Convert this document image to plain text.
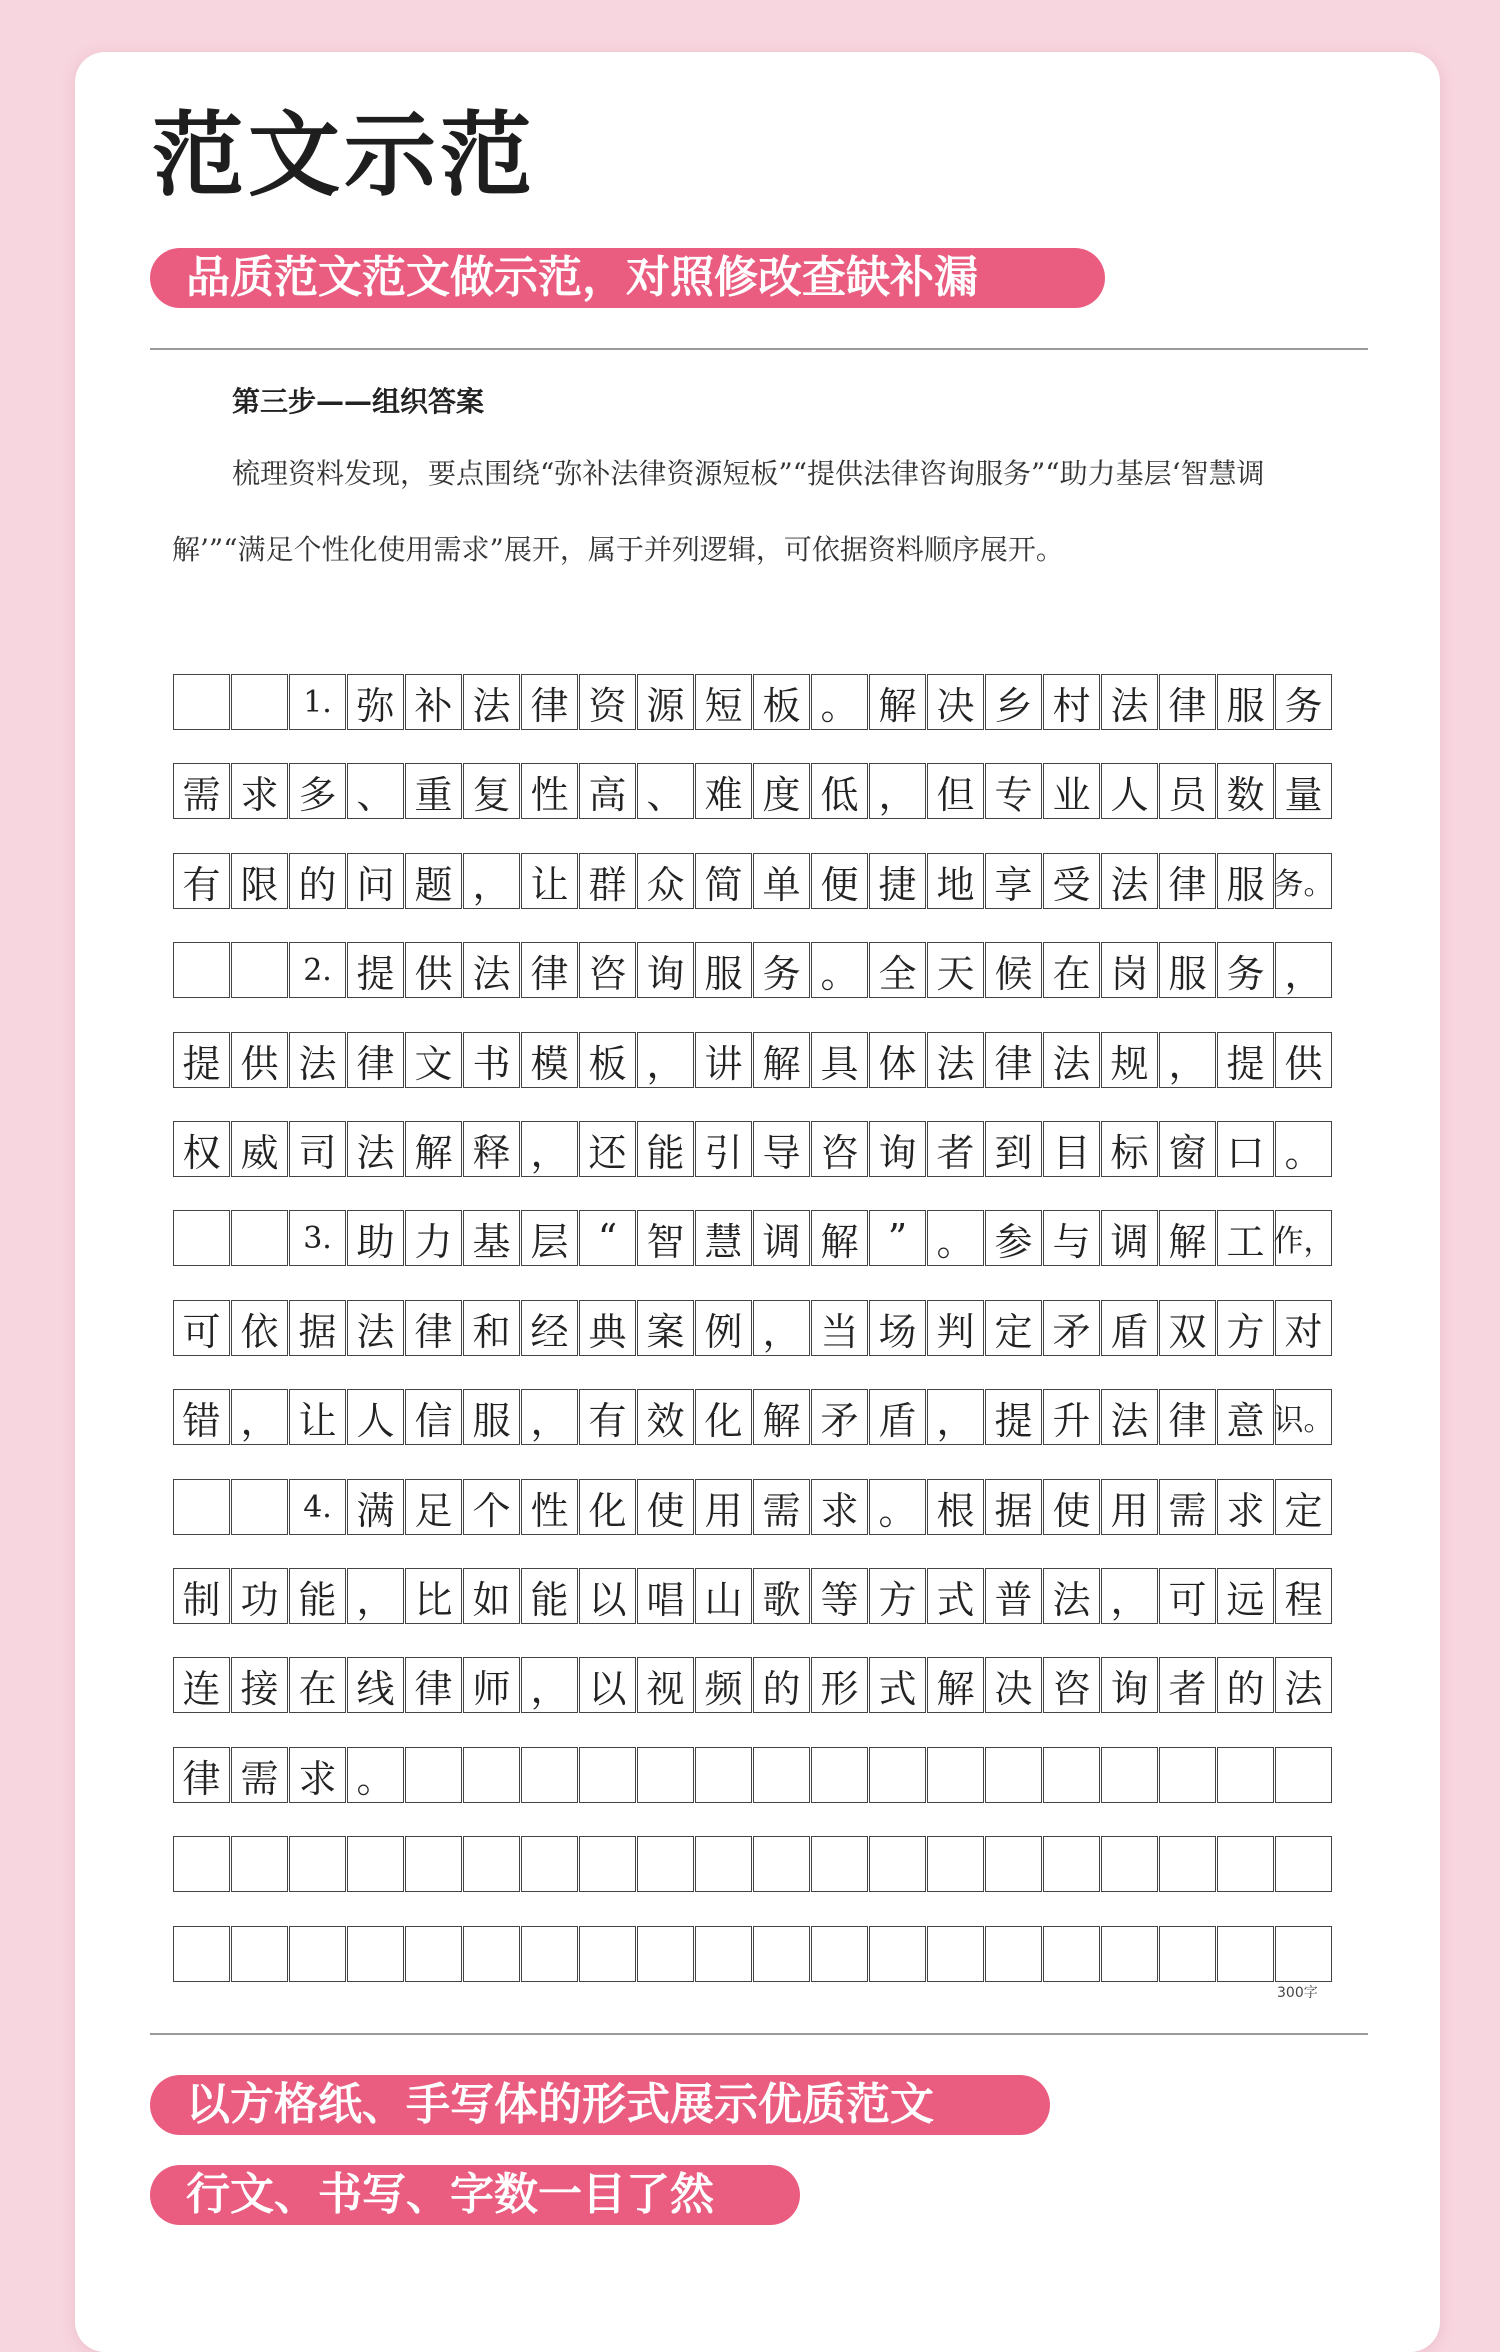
范文示范
品质范文范文做示范，对照修改查缺补漏
第三步——组织答案

梳理资料发现，要点围绕“弥补法律资源短板”“提供法律咨询服务”“助力基层‘智慧调解’”“满足个性化使用需求”展开，属于并列逻辑，可依据资料顺序展开。

1. 弥 补 法 律 资 源 短 板 。 解 决 乡 村 法 律 服 务
需 求 多 、 重 复 性 高 、 难 度 低 ， 但 专 业 人 员 数 量
有 限 的 问 题 ， 让 群 众 简 单 便 捷 地 享 受 法 律 服 务。
2. 提 供 法 律 咨 询 服 务 。 全 天 候 在 岗 服 务 ，
提 供 法 律 文 书 模 板 ， 讲 解 具 体 法 律 法 规 ， 提 供
权 威 司 法 解 释 ， 还 能 引 导 咨 询 者 到 目 标 窗 口 。
3. 助 力 基 层 “ 智 慧 调 解 ” 。 参 与 调 解 工 作，
可 依 据 法 律 和 经 典 案 例 ， 当 场 判 定 矛 盾 双 方 对
错 ， 让 人 信 服 ， 有 效 化 解 矛 盾 ， 提 升 法 律 意 识。
4. 满 足 个 性 化 使 用 需 求 。 根 据 使 用 需 求 定
制 功 能 ， 比 如 能 以 唱 山 歌 等 方 式 普 法 ， 可 远 程
连 接 在 线 律 师 ， 以 视 频 的 形 式 解 决 咨 询 者 的 法
律 需 求 。
300字
以方格纸、手写体的形式展示优质范文
行文、书写、字数一目了然
